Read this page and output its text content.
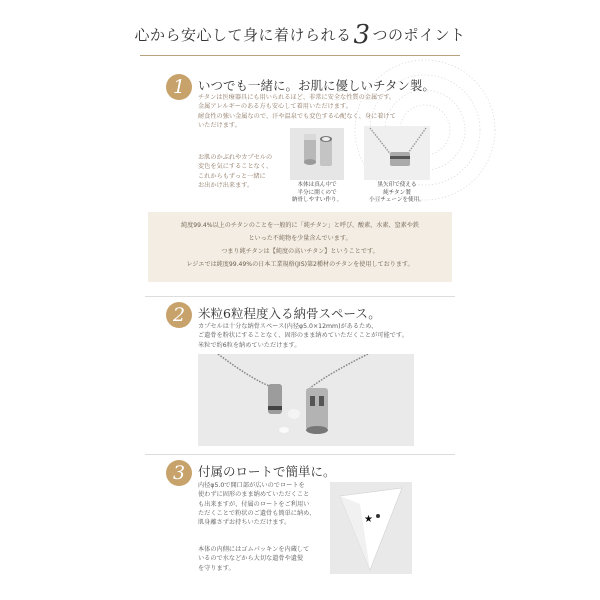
心から安心して身に着けられる3 つのポイント
1	いつでも一緒に。お肌に優しいチタン製。
チタンは医療器具にも用いられるほど、非常に安全な性質の金属です。
金属アレルギーのある方も安心して着用いただけます。
耐食性の強い金属なので、汗や温泉でも変色する心配なく、身に着けて
いただけます。
お肌のかぶれやカプセルの
変色を気にすることなく、
これからもずっと一緒に
お出かけ出来ます。	本体は真ん中で
半分に開くので
納骨しやすい作り。
黒矢印で使える
純チタン製
小豆チェーンを使用。
純度99.4%以上のチタンのことを一般的に「純チタン」と呼び、酸素、水素、窒素や鉄
といった不純物を少量含んでいます。
つまり純チタンは【純度の高いチタン】ということです。
レジエでは純度99.49%の日本工業規格(JIS)第2種材のチタンを使用しております。
2	米粒6粒程度入る納骨スペース。
カプセルは十分な納骨スペース(内径φ5.0×12mm)があるため、
ご遺骨を粉状にすることなく、固形のまま納めていただくことが可能です。
米粒で約6粒を納めていただけます。
3	付属のロートで簡単に。
内径φ5.0で開口部が広いのでロートを
使わずに固形のまま納めていただくこと
も出来ますが、付属のロートをご利用い
ただくことで粉状のご遺骨も簡単に納め、
肌身離さずお持ちいただけます。
本体の内側にはゴムパッキンを内蔵して
いるので水などから大切な遺骨や遺髪
を守ります。
★
